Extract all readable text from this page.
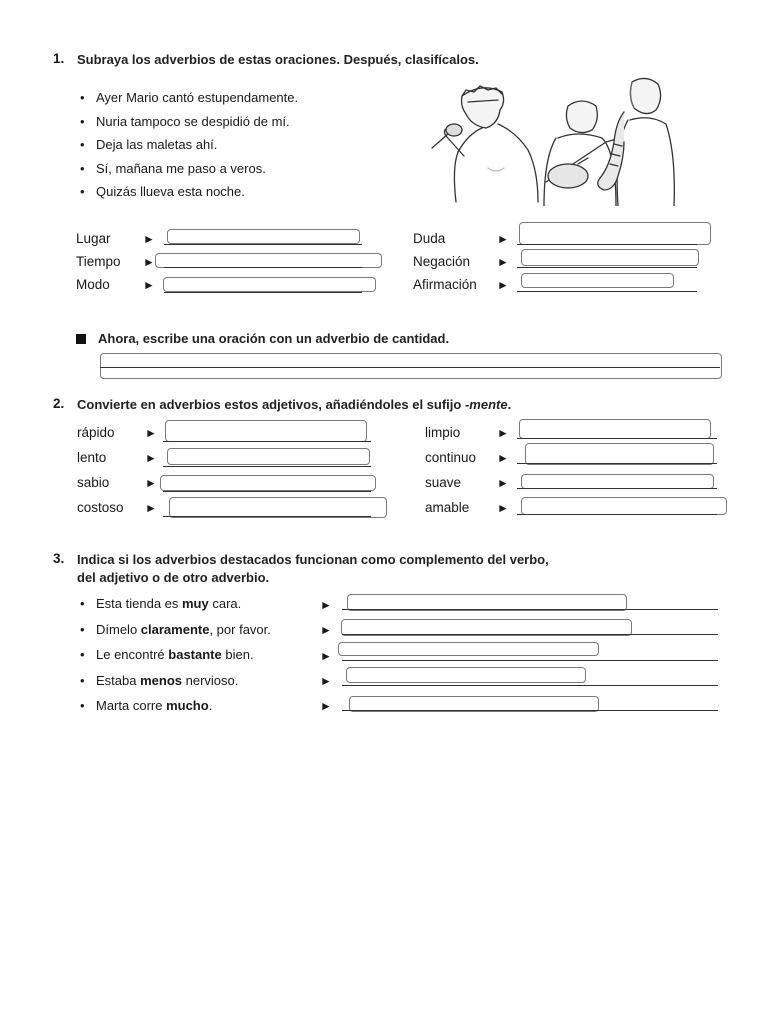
1. Subraya los adverbios de estas oraciones. Después, clasifícalos.
• Ayer Mario cantó estupendamente.
• Nuria tampoco se despidió de mí.
• Deja las maletas ahí.
• Sí, mañana me paso a veros.
• Quizás llueva esta noche.
Lugar
Tiempo
Modo
►
►
►
Duda
Negación
Afirmación
►
►
►
Ahora, escribe una oración con un adverbio de cantidad.
2. Convierte en adverbios estos adjetivos, añadiéndoles el sufijo -mente.
rápido
lento
sabio
costoso
►
►
►
►
limpio
continuo
suave
amable
►
►
►
►
3. Indica si los adverbios destacados funcionan como complemento del verbo,
del adjetivo o de otro adverbio.
• Esta tienda es muy cara.
• Dímelo claramente, por favor.
• Le encontré bastante bien.
• Estaba menos nervioso.
• Marta corre mucho.
►
►
►
►
►
